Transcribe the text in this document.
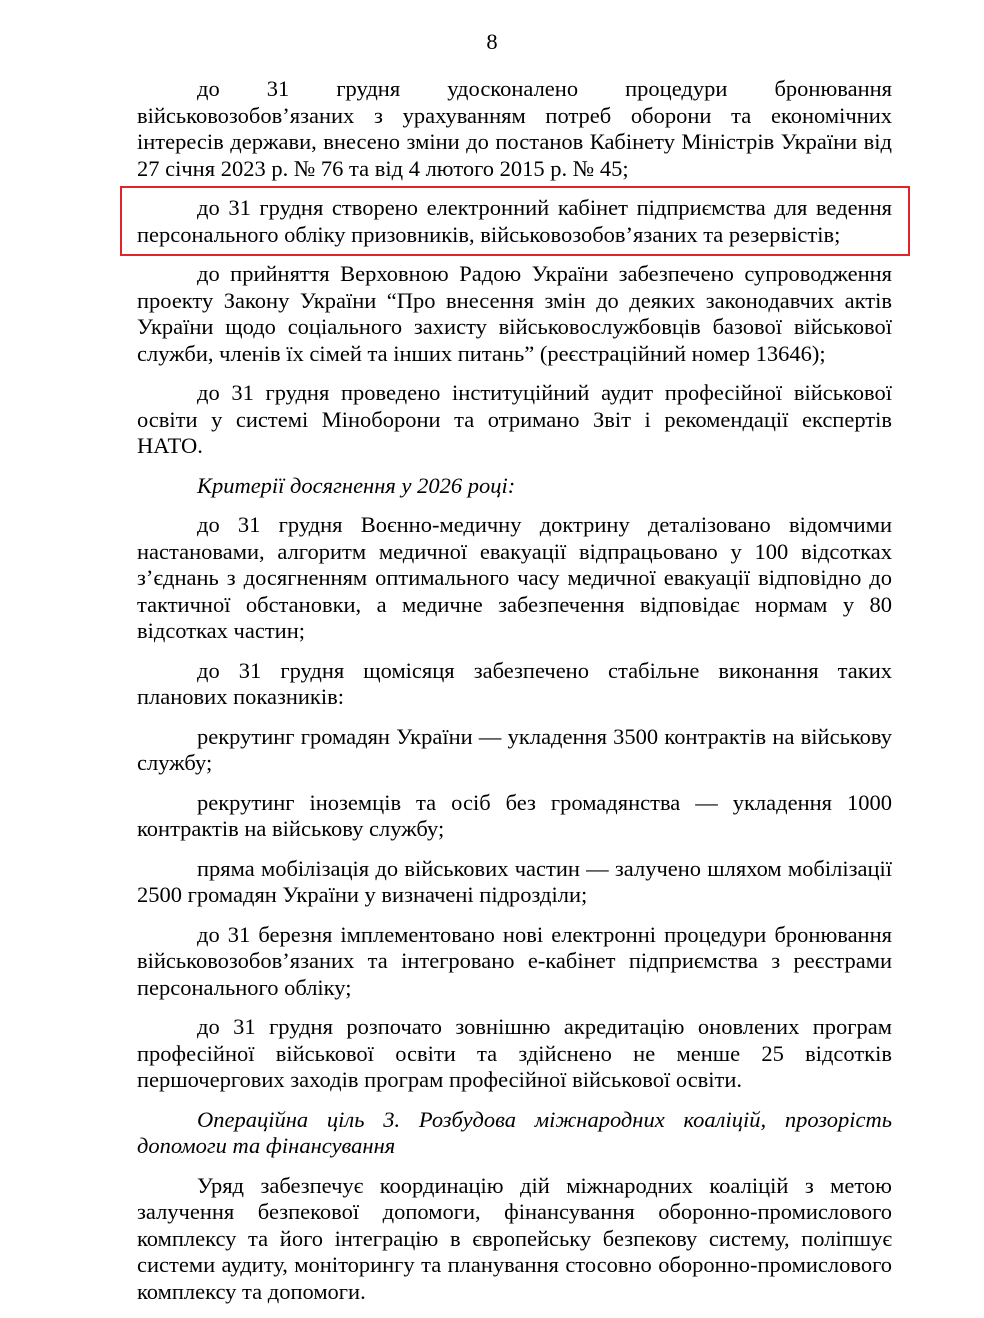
8

до 31 грудня удосконалено процедури бронювання військовозобов’язаних з урахуванням потреб оборони та економічних інтересів держави, внесено зміни до постанов Кабінету Міністрів України від 27 січня 2023 р. № 76 та від 4 лютого 2015 р. № 45;

до 31 грудня створено електронний кабінет підприємства для ведення персонального обліку призовників, військовозобов’язаних та резервістів;

до прийняття Верховною Радою України забезпечено супроводження проекту Закону України “Про внесення змін до деяких законодавчих актів України щодо соціального захисту військовослужбовців базової військової служби, членів їх сімей та інших питань” (реєстраційний номер 13646);

до 31 грудня проведено інституційний аудит професійної військової освіти у системі Міноборони та отримано Звіт і рекомендації експертів НАТО.

Критерії досягнення у 2026 році:

до 31 грудня Воєнно-медичну доктрину деталізовано відомчими настановами, алгоритм медичної евакуації відпрацьовано у 100 відсотках з’єднань з досягненням оптимального часу медичної евакуації відповідно до тактичної обстановки, а медичне забезпечення відповідає нормам у 80 відсотках частин;

до 31 грудня щомісяця забезпечено стабільне виконання таких планових показників:

рекрутинг громадян України — укладення 3500 контрактів на військову службу;

рекрутинг іноземців та осіб без громадянства — укладення 1000 контрактів на військову службу;

пряма мобілізація до військових частин — залучено шляхом мобілізації 2500 громадян України у визначені підрозділи;

до 31 березня імплементовано нові електронні процедури бронювання військовозобов’язаних та інтегровано е-кабінет підприємства з реєстрами персонального обліку;

до 31 грудня розпочато зовнішню акредитацію оновлених програм професійної військової освіти та здійснено не менше 25 відсотків першочергових заходів програм професійної військової освіти.

Операційна ціль 3. Розбудова міжнародних коаліцій, прозорість допомоги та фінансування

Уряд забезпечує координацію дій міжнародних коаліцій з метою залучення безпекової допомоги, фінансування оборонно-промислового комплексу та його інтеграцію в європейську безпекову систему, поліпшує системи аудиту, моніторингу та планування стосовно оборонно-промислового комплексу та допомоги.
